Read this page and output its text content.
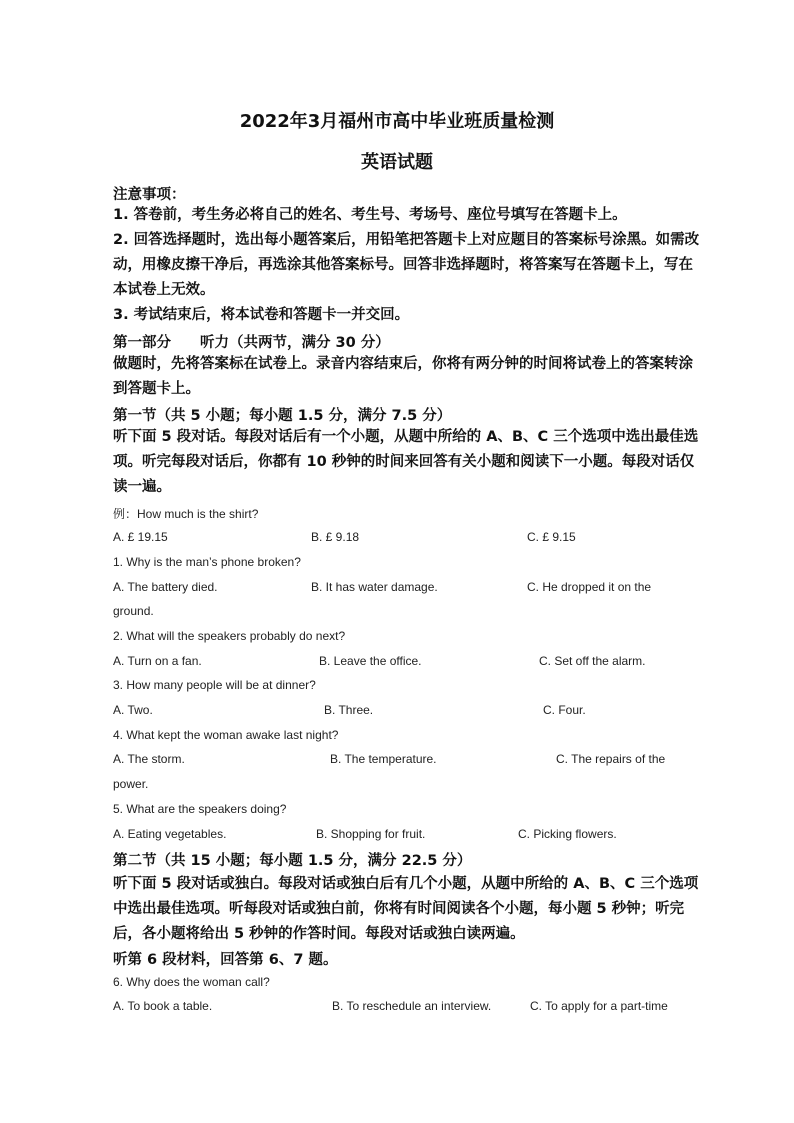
2022年3月福州市高中毕业班质量检测
英语试题
注意事项：
1. 答卷前，考生务必将自己的姓名、考生号、考场号、座位号填写在答题卡上。
2. 回答选择题时，选出每小题答案后，用铅笔把答题卡上对应题目的答案标号涂黑。如需改动，用橡皮擦干净后，再选涂其他答案标号。回答非选择题时，将答案写在答题卡上，写在本试卷上无效。
3. 考试结束后，将本试卷和答题卡一并交回。
第一部分　　听力（共两节，满分 30 分）
做题时，先将答案标在试卷上。录音内容结束后，你将有两分钟的时间将试卷上的答案转涂到答题卡上。
第一节（共 5 小题；每小题 1.5 分，满分 7.5 分）
听下面 5 段对话。每段对话后有一个小题，从题中所给的 A、B、C 三个选项中选出最佳选项。听完每段对话后，你都有 10 秒钟的时间来回答有关小题和阅读下一小题。每段对话仅读一遍。
例：How much is the shirt?
A. £ 19.15	B. £ 9.18	C. £ 9.15
1. Why is the man’s phone broken?
A. The battery died.	B. It has water damage.	C. He dropped it on the
ground.
2. What will the speakers probably do next?
A. Turn on a fan.	B. Leave the office.	C. Set off the alarm.
3. How many people will be at dinner?
A. Two.	B. Three.	C. Four.
4. What kept the woman awake last night?
A. The storm.	B. The temperature.	C. The repairs of the
power.
5. What are the speakers doing?
A. Eating vegetables.	B. Shopping for fruit.	C. Picking flowers.
第二节（共 15 小题；每小题 1.5 分，满分 22.5 分）
听下面 5 段对话或独白。每段对话或独白后有几个小题，从题中所给的 A、B、C 三个选项中选出最佳选项。听每段对话或独白前，你将有时间阅读各个小题，每小题 5 秒钟；听完后，各小题将给出 5 秒钟的作答时间。每段对话或独白读两遍。
听第 6 段材料，回答第 6、7 题。
6. Why does the woman call?
A. To book a table.	B. To reschedule an interview.	C. To apply for a part-time
